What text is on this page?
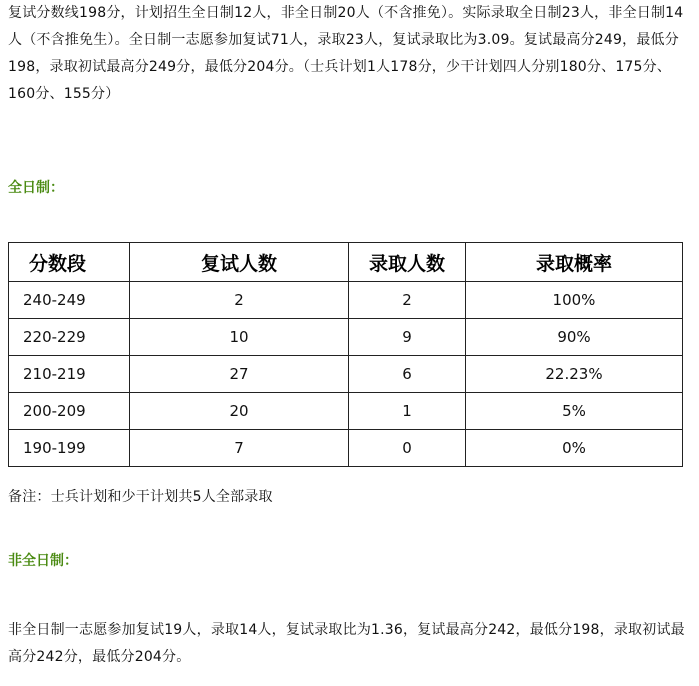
复试分数线198分，计划招生全日制12人，非全日制20人（不含推免）。实际录取全日制23人，非全日制14人（不含推免生）。全日制一志愿参加复试71人，录取23人，复试录取比为3.09。复试最高分249，最低分198，录取初试最高分249分，最低分204分。（士兵计划1人178分，少干计划四人分别180分、175分、160分、155分）

全日制：

分数段	复试人数	录取人数	录取概率
240-249	2	2	100%
220-229	10	9	90%
210-219	27	6	22.23%
200-209	20	1	5%
190-199	7	0	0%

备注：士兵计划和少干计划共5人全部录取

非全日制：

非全日制一志愿参加复试19人，录取14人，复试录取比为1.36，复试最高分242，最低分198，录取初试最高分242分，最低分204分。
